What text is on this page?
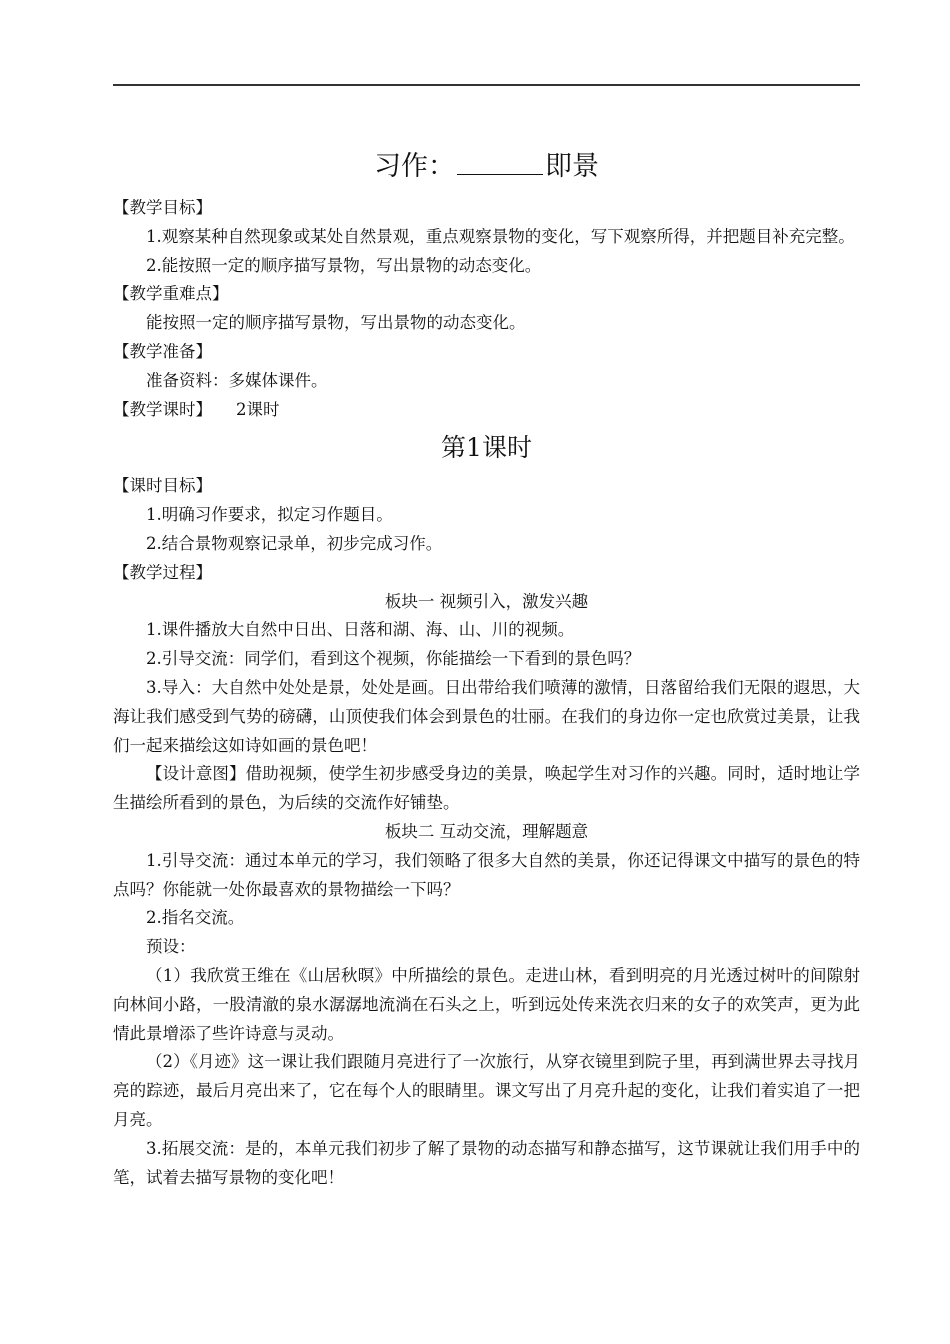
习作：	即景

【教学目标】

1.观察某种自然现象或某处自然景观，重点观察景物的变化，写下观察所得，并把题目补充完整。

2.能按照一定的顺序描写景物，写出景物的动态变化。

【教学重难点】

能按照一定的顺序描写景物，写出景物的动态变化。

【教学准备】

准备资料：多媒体课件。

【教学课时】 2课时

第1课时

【课时目标】

1.明确习作要求，拟定习作题目。

2.结合景物观察记录单，初步完成习作。

【教学过程】

板块一 视频引入，激发兴趣

1.课件播放大自然中日出、日落和湖、海、山、川的视频。

2.引导交流：同学们，看到这个视频，你能描绘一下看到的景色吗？

3.导入：大自然中处处是景，处处是画。日出带给我们喷薄的激情，日落留给我们无限的遐思，大海让我们感受到气势的磅礴，山顶使我们体会到景色的壮丽。在我们的身边你一定也欣赏过美景，让我们一起来描绘这如诗如画的景色吧！

【设计意图】借助视频，使学生初步感受身边的美景，唤起学生对习作的兴趣。同时，适时地让学生描绘所看到的景色，为后续的交流作好铺垫。

板块二 互动交流，理解题意

1.引导交流：通过本单元的学习，我们领略了很多大自然的美景，你还记得课文中描写的景色的特点吗？你能就一处你最喜欢的景物描绘一下吗？

2.指名交流。

预设：

（1）我欣赏王维在《山居秋暝》中所描绘的景色。走进山林，看到明亮的月光透过树叶的间隙射向林间小路，一股清澈的泉水潺潺地流淌在石头之上，听到远处传来洗衣归来的女子的欢笑声，更为此情此景增添了些许诗意与灵动。

（2）《月迹》这一课让我们跟随月亮进行了一次旅行，从穿衣镜里到院子里，再到满世界去寻找月亮的踪迹，最后月亮出来了，它在每个人的眼睛里。课文写出了月亮升起的变化，让我们着实追了一把月亮。

3.拓展交流：是的，本单元我们初步了解了景物的动态描写和静态描写，这节课就让我们用手中的笔，试着去描写景物的变化吧！
